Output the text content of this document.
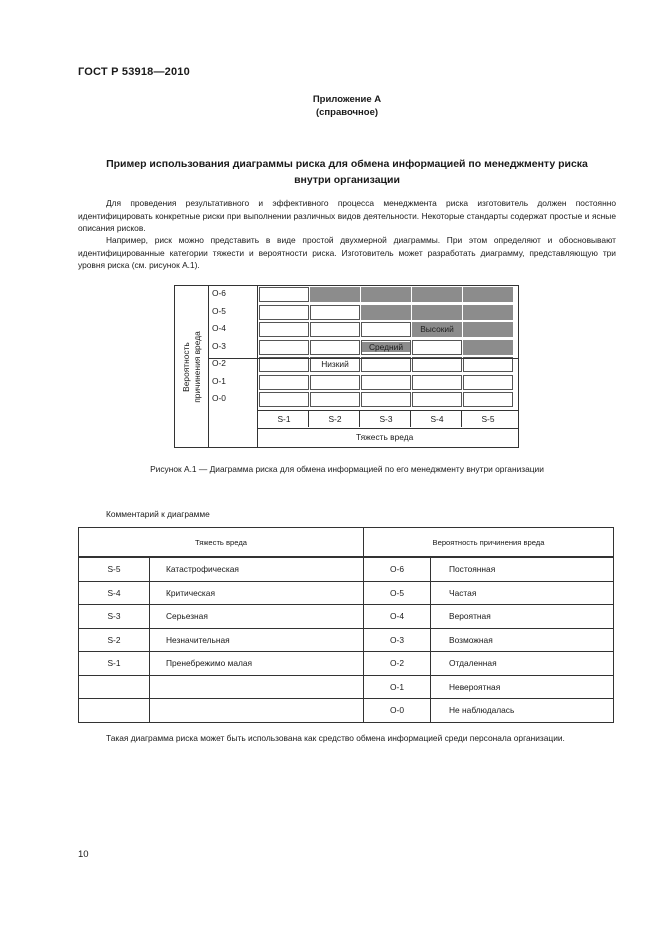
ГОСТ Р 53918—2010
Приложение А
(справочное)
Пример использования диаграммы риска для обмена информацией по менеджменту риска
внутри организации

Для проведения результативного и эффективного процесса менеджмента риска изготовитель должен постоянно идентифицировать конкретные риски при выполнении различных видов деятельности. Некоторые стандарты содержат простые и ясные описания рисков.

Например, риск можно представить в виде простой двухмерной диаграммы. При этом определяют и обосновывают идентифицированные категории тяжести и вероятности риска. Изготовитель может разработать диаграмму, представляющую три уровня риска (см. рисунок А.1).

Вероятность причинения вреда
Высокий
Средний
Низкий
Тяжесть вреда
О-6
О-5
О-4
О-3
О-2
О-1
О-0
S-1	S-2	S-3	S-4	S-5
Рисунок А.1 — Диаграмма риска для обмена информацией по его менеджменту внутри организации
Комментарий к диаграмме
Тяжесть вреда		Вероятность причинения вреда	
S-5	Катастрофическая	О-6	Постоянная
S-4	Критическая	О-5	Частая
S-3	Серьезная	О-4	Вероятная
S-2	Незначительная	О-3	Возможная
S-1	Пренебрежимо малая	О-2	Отдаленная
		О-1	Невероятная
		О-0	Не наблюдалась

Такая диаграмма риска может быть использована как средство обмена информацией среди персонала организации.

10
